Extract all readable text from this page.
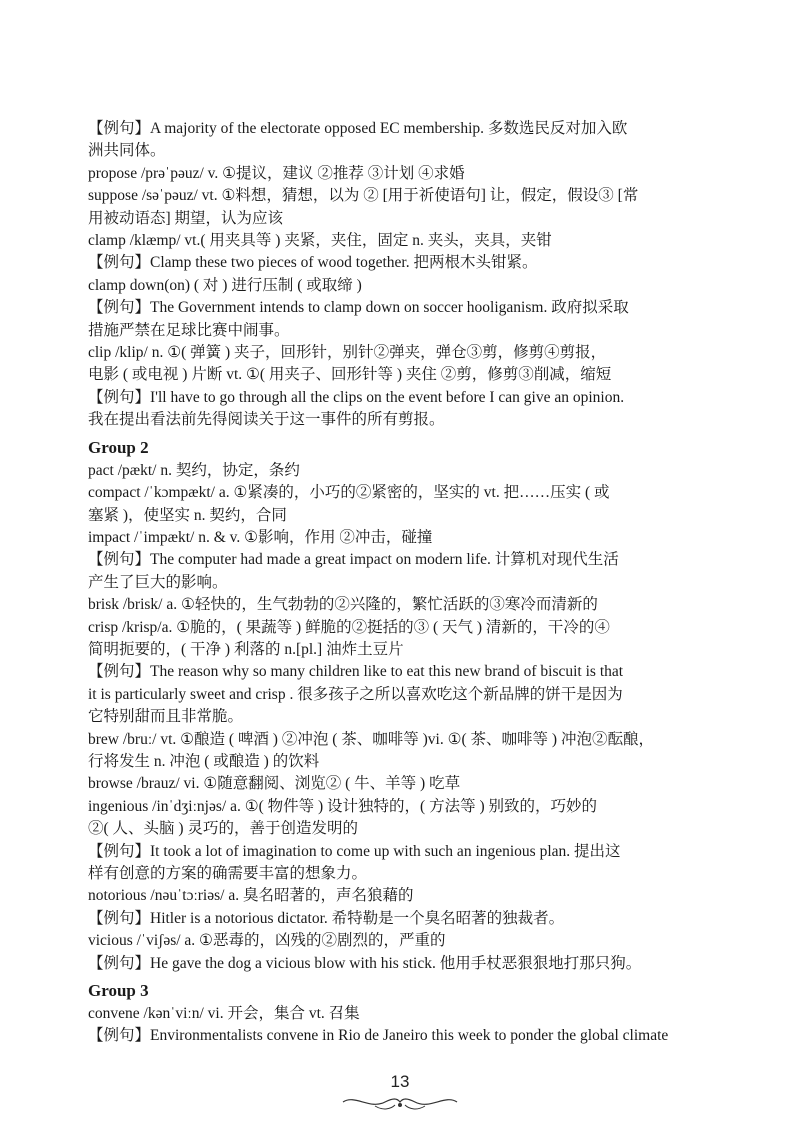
【例句】A majority of the electorate opposed EC membership. 多数选民反对加入欧
洲共同体。
propose /prəˈpəuz/ v. ①提议，建议 ②推荐 ③计划 ④求婚
suppose /səˈpəuz/ vt. ①料想，猜想，以为 ② [用于祈使语句] 让，假定，假设③ [常
用被动语态] 期望，认为应该
clamp /klæmp/ vt.( 用夹具等 ) 夹紧，夹住，固定 n. 夹头，夹具，夹钳
【例句】Clamp these two pieces of wood together. 把两根木头钳紧。
clamp down(on) ( 对 ) 进行压制 ( 或取缔 )
【例句】The Government intends to clamp down on soccer hooliganism. 政府拟采取
措施严禁在足球比赛中闹事。
clip /klip/ n. ①( 弹簧 ) 夹子，回形针，别针②弹夹，弹仓③剪，修剪④剪报，
电影 ( 或电视 ) 片断 vt. ①( 用夹子、回形针等 ) 夹住 ②剪，修剪③削减，缩短
【例句】I'll have to go through all the clips on the event before I can give an opinion.
我在提出看法前先得阅读关于这一事件的所有剪报。
Group 2
pact /pækt/ n. 契约，协定，条约
compact /ˈkɔmpækt/ a. ①紧凑的，小巧的②紧密的，坚实的 vt. 把……压实 ( 或
塞紧 )，使坚实 n. 契约，合同
impact /ˈimpækt/ n. & v. ①影响，作用 ②冲击，碰撞
【例句】The computer had made a great impact on modern life. 计算机对现代生活
产生了巨大的影响。
brisk /brisk/ a. ①轻快的，生气勃勃的②兴隆的，繁忙活跃的③寒冷而清新的
crisp /krisp/a. ①脆的，( 果蔬等 ) 鲜脆的②挺括的③ ( 天气 ) 清新的，干冷的④
简明扼要的，( 干净 ) 利落的 n.[pl.] 油炸土豆片
【例句】The reason why so many children like to eat this new brand of biscuit is that
it is particularly sweet and crisp . 很多孩子之所以喜欢吃这个新品牌的饼干是因为
它特别甜而且非常脆。
brew /bruː/ vt. ①酿造 ( 啤酒 ) ②冲泡 ( 茶、咖啡等 )vi. ①( 茶、咖啡等 ) 冲泡②酝酿，
行将发生 n. 冲泡 ( 或酿造 ) 的饮料
browse /brauz/ vi. ①随意翻阅、浏览② ( 牛、羊等 ) 吃草
ingenious /inˈdʒiːnjəs/ a. ①( 物件等 ) 设计独特的，( 方法等 ) 别致的，巧妙的
②( 人、头脑 ) 灵巧的，善于创造发明的
【例句】It took a lot of imagination to come up with such an ingenious plan. 提出这
样有创意的方案的确需要丰富的想象力。
notorious /nəuˈtɔːriəs/ a. 臭名昭著的，声名狼藉的
【例句】Hitler is a notorious dictator. 希特勒是一个臭名昭著的独裁者。
vicious /ˈviʃəs/ a. ①恶毒的，凶残的②剧烈的，严重的
【例句】He gave the dog a vicious blow with his stick. 他用手杖恶狠狠地打那只狗。
Group 3
convene /kənˈviːn/ vi. 开会，集合 vt. 召集
【例句】Environmentalists convene in Rio de Janeiro this week to ponder the global climate
13
